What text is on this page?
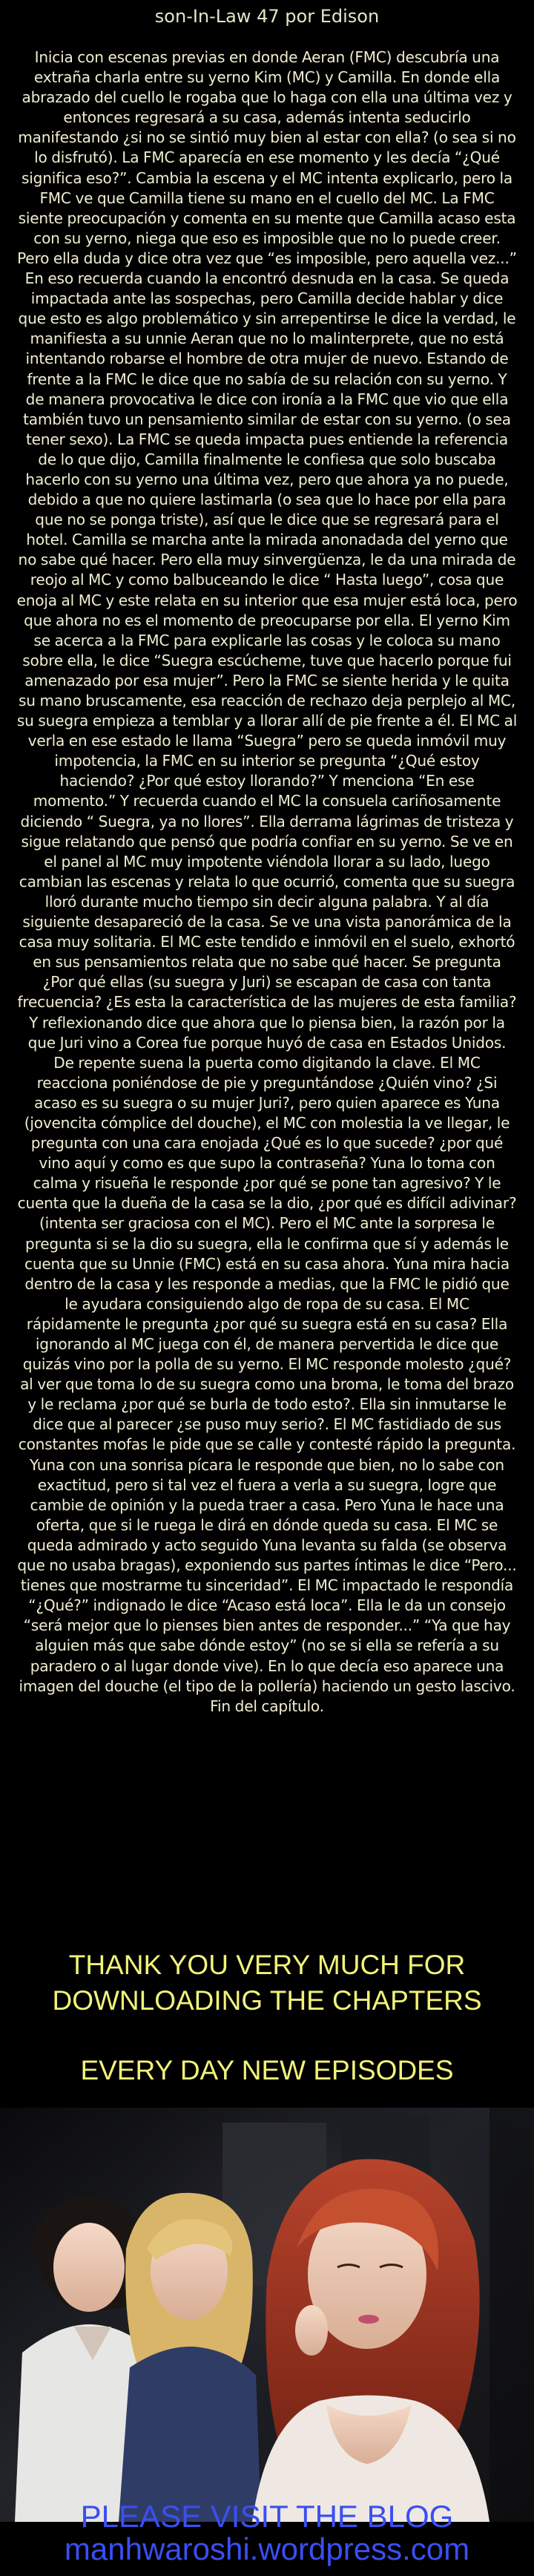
son-In-Law 47 por Edison
Inicia con escenas previas en donde Aeran (FMC) descubría una extraña charla entre su yerno Kim (MC) y Camilla. En donde ella abrazado del cuello le rogaba que lo haga con ella una última vez y entonces regresará a su casa, además intenta seducirlo manifestando ¿si no se sintió muy bien al estar con ella? (o sea si no lo disfrutó). La FMC aparecía en ese momento y les decía “¿Qué significa eso?”. Cambia la escena y el MC intenta explicarlo, pero la FMC ve que Camilla tiene su mano en el cuello del MC. La FMC siente preocupación y comenta en su mente que Camilla acaso esta con su yerno, niega que eso es imposible que no lo puede creer. Pero ella duda y dice otra vez que “es imposible, pero aquella vez...” En eso recuerda cuando la encontró desnuda en la casa. Se queda impactada ante las sospechas, pero Camilla decide hablar y dice que esto es algo problemático y sin arrepentirse le dice la verdad, le manifiesta a su unnie Aeran que no lo malinterprete, que no está intentando robarse el hombre de otra mujer de nuevo. Estando de frente a la FMC le dice que no sabía de su relación con su yerno. Y de manera provocativa le dice con ironía a la FMC que vio que ella también tuvo un pensamiento similar de estar con su yerno. (o sea tener sexo). La FMC se queda impacta pues entiende la referencia de lo que dijo, Camilla finalmente le confiesa que solo buscaba hacerlo con su yerno una última vez, pero que ahora ya no puede, debido a que no quiere lastimarla (o sea que lo hace por ella para que no se ponga triste), así que le dice que se regresará para el hotel. Camilla se marcha ante la mirada anonadada del yerno que no sabe qué hacer. Pero ella muy sinvergüenza, le da una mirada de reojo al MC y como balbuceando le dice “ Hasta luego”, cosa que enoja al MC y este relata en su interior que esa mujer está loca, pero que ahora no es el momento de preocuparse por ella. El yerno Kim se acerca a la FMC para explicarle las cosas y le coloca su mano sobre ella, le dice “Suegra escúcheme, tuve que hacerlo porque fui amenazado por esa mujer”. Pero la FMC se siente herida y le quita su mano bruscamente, esa reacción de rechazo deja perplejo al MC, su suegra empieza a temblar y a llorar allí de pie frente a él. El MC al verla en ese estado le llama “Suegra” pero se queda inmóvil muy impotencia, la FMC en su interior se pregunta “¿Qué estoy haciendo? ¿Por qué estoy llorando?” Y menciona “En ese momento.” Y recuerda cuando el MC la consuela cariñosamente diciendo “ Suegra, ya no llores”. Ella derrama lágrimas de tristeza y sigue relatando que pensó que podría confiar en su yerno. Se ve en el panel al MC muy impotente viéndola llorar a su lado, luego cambian las escenas y relata lo que ocurrió, comenta que su suegra lloró durante mucho tiempo sin decir alguna palabra. Y al día siguiente desapareció de la casa. Se ve una vista panorámica de la casa muy solitaria. El MC este tendido e inmóvil en el suelo, exhortó en sus pensamientos relata que no sabe qué hacer. Se pregunta ¿Por qué ellas (su suegra y Juri) se escapan de casa con tanta frecuencia? ¿Es esta la característica de las mujeres de esta familia? Y reflexionando dice que ahora que lo piensa bien, la razón por la que Juri vino a Corea fue porque huyó de casa en Estados Unidos. De repente suena la puerta como digitando la clave. El MC reacciona poniéndose de pie y preguntándose ¿Quién vino? ¿Si acaso es su suegra o su mujer Juri?, pero quien aparece es Yuna (jovencita cómplice del douche), el MC con molestia la ve llegar, le pregunta con una cara enojada ¿Qué es lo que sucede? ¿por qué vino aquí y como es que supo la contraseña? Yuna lo toma con calma y risueña le responde ¿por qué se pone tan agresivo? Y le cuenta que la dueña de la casa se la dio, ¿por qué es difícil adivinar? (intenta ser graciosa con el MC). Pero el MC ante la sorpresa le pregunta si se la dio su suegra, ella le confirma que sí y además le cuenta que su Unnie (FMC) está en su casa ahora. Yuna mira hacia dentro de la casa y les responde a medias, que la FMC le pidió que le ayudara consiguiendo algo de ropa de su casa. El MC rápidamente le pregunta ¿por qué su suegra está en su casa? Ella ignorando al MC juega con él, de manera pervertida le dice que quizás vino por la polla de su yerno. El MC responde molesto ¿qué? al ver que toma lo de su suegra como una broma, le toma del brazo y le reclama ¿por qué se burla de todo esto?. Ella sin inmutarse le dice que al parecer ¿se puso muy serio?. El MC fastidiado de sus constantes mofas le pide que se calle y contesté rápido la pregunta. Yuna con una sonrisa pícara le responde que bien, no lo sabe con exactitud, pero si tal vez el fuera a verla a su suegra, logre que cambie de opinión y la pueda traer a casa. Pero Yuna le hace una oferta, que si le ruega le dirá en dónde queda su casa. El MC se queda admirado y acto seguido Yuna levanta su falda (se observa que no usaba bragas), exponiendo sus partes íntimas le dice “Pero... tienes que mostrarme tu sinceridad”. El MC impactado le respondía “¿Qué?” indignado le dice “Acaso está loca”. Ella le da un consejo “será mejor que lo pienses bien antes de responder...” “Ya que hay alguien más que sabe dónde estoy” (no se si ella se refería a su paradero o al lugar donde vive). En lo que decía eso aparece una imagen del douche (el tipo de la pollería) haciendo un gesto lascivo. Fin del capítulo.
THANK YOU VERY MUCH FOR
DOWNLOADING THE CHAPTERS
EVERY DAY NEW EPISODES
PLEASE VISIT THE BLOG
manhwaroshi.wordpress.com
